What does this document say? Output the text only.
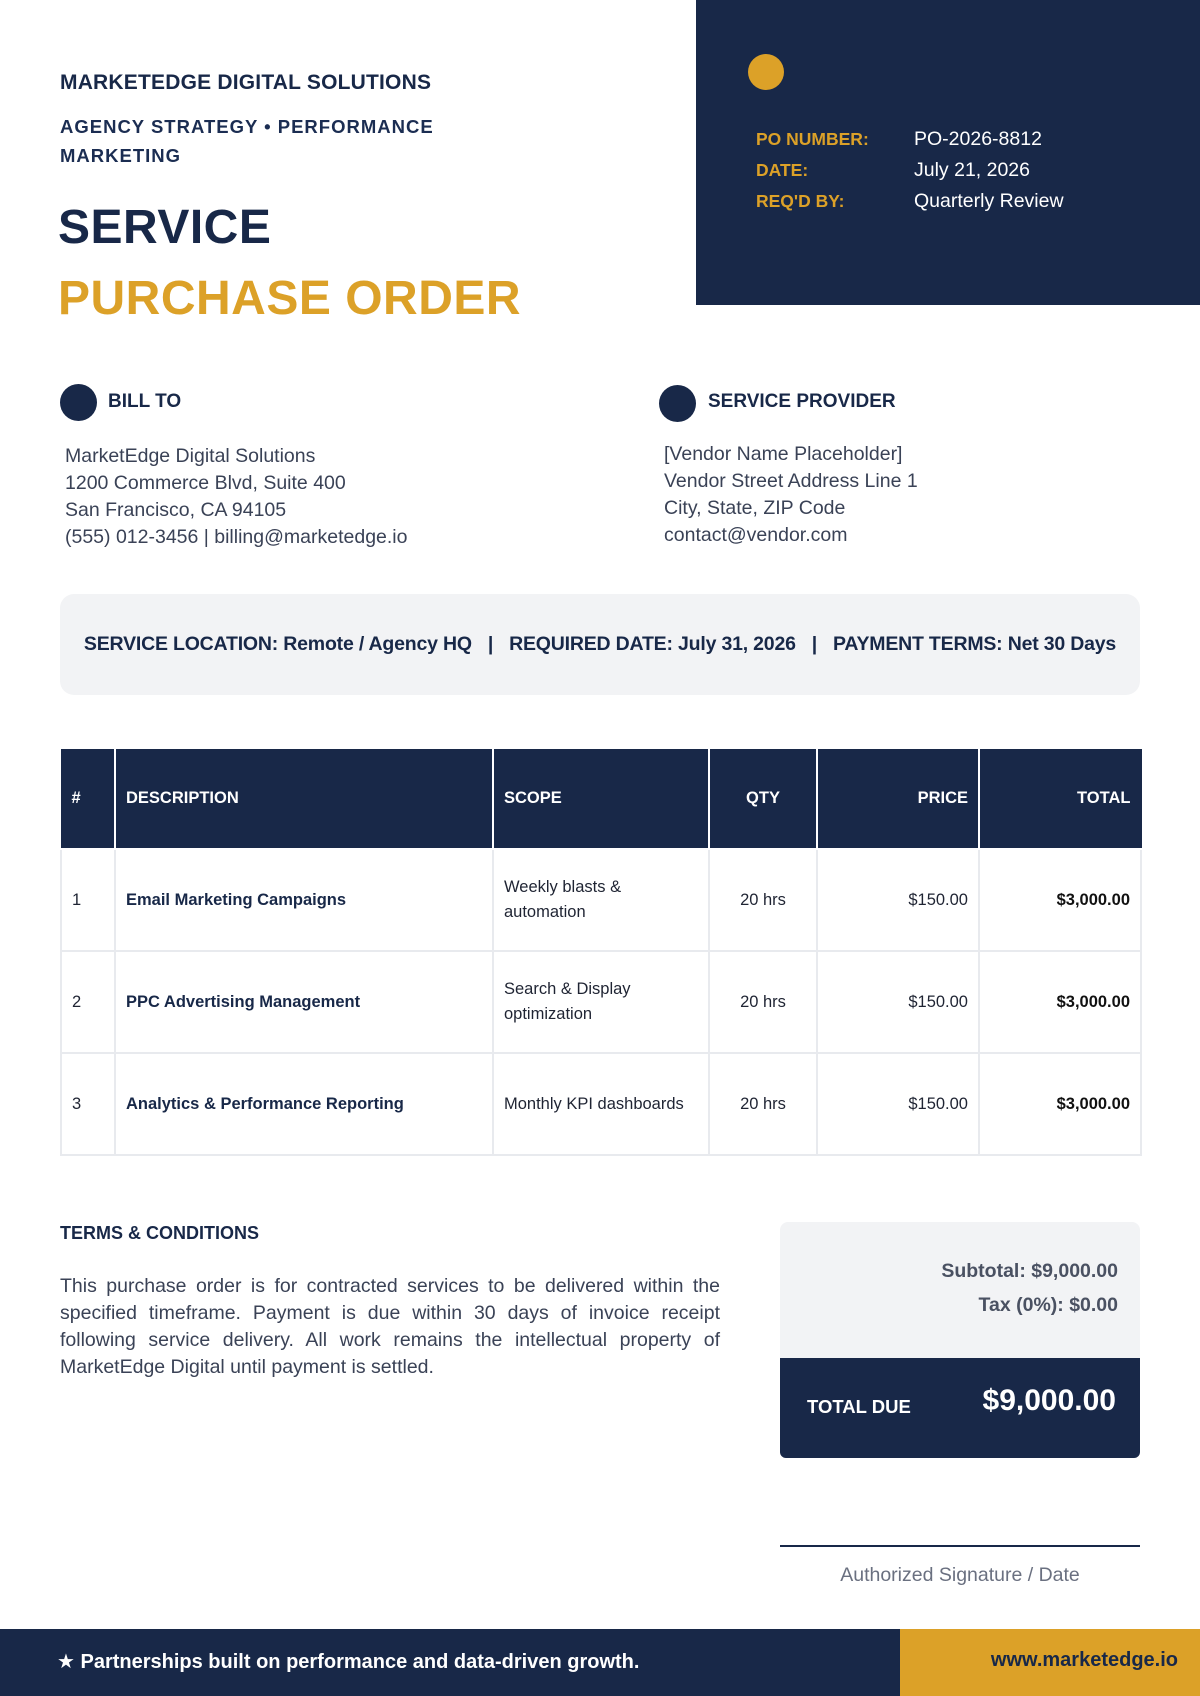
MARKETEDGE DIGITAL SOLUTIONS
AGENCY STRATEGY • PERFORMANCE MARKETING
SERVICE
PURCHASE ORDER
PO NUMBER:	PO-2026-8812
DATE:	July 21, 2026
REQ'D BY:	Quarterly Review
BILL TO
MarketEdge Digital Solutions
1200 Commerce Blvd, Suite 400
San Francisco, CA 94105
(555) 012-3456 | billing@marketedge.io
SERVICE PROVIDER
[Vendor Name Placeholder]
Vendor Street Address Line 1
City, State, ZIP Code
contact@vendor.com
SERVICE LOCATION: Remote / Agency HQ | REQUIRED DATE: July 31, 2026 | PAYMENT TERMS: Net 30 Days
#	DESCRIPTION	SCOPE	QTY	PRICE	TOTAL
1	Email Marketing Campaigns	Weekly blasts & automation	20 hrs	$150.00	$3,000.00
2	PPC Advertising Management	Search & Display optimization	20 hrs	$150.00	$3,000.00
3	Analytics & Performance Reporting	Monthly KPI dashboards	20 hrs	$150.00	$3,000.00
TERMS & CONDITIONS
This purchase order is for contracted services to be delivered within the specified timeframe. Payment is due within 30 days of invoice receipt following service delivery. All work remains the intellectual property of MarketEdge Digital until payment is settled.
Subtotal: $9,000.00
Tax (0%): $0.00
TOTAL DUE $9,000.00
Authorized Signature / Date
★ Partnerships built on performance and data-driven growth.	www.marketedge.io
